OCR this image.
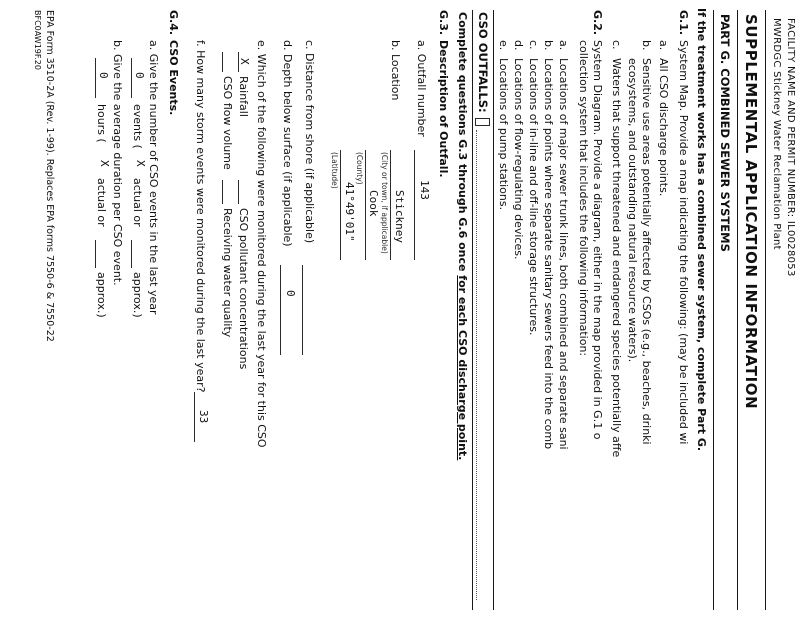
FACILITY NAME AND PERMIT NUMBER: IL0028053
MWRDGC Stickney Water Reclamation Plant
SUPPLEMENTAL APPLICATION INFORMATION
PART G. COMBINED SEWER SYSTEMS
If the treatment works has a combined sewer system, complete Part G.
G.1.
System Map. Provide a map indicating the following: (may be included wi
a.
All CSO discharge points.
b.
Sensitive use areas potentially affected by CSOs (e.g., beaches, drinki
ecosystems, and outstanding natural resource waters).
c.
Waters that support threatened and endangered species potentially affe
G.2.
System Diagram. Provide a diagram, either in the map provided in G.1 o
collection system that includes the following information:
a.
Locations of major sewer trunk lines, both combined and separate sani
b.
Locations of points where separate sanitary sewers feed into the comb
c.
Locations of in-line and off-line storage structures.
d.
Locations of flow-regulating devices.
e.
Locations of pump stations.
CSO OUTFALLS:
Complete questions G.3 through G.6 once for each CSO discharge point.
G.3.
Description of Outfall.
a. Outfall number
143
b. Location
Stickney
(City or town, if applicable)
Cook
(County)
41°49'01"
(Latitude)
c. Distance from shore (if applicable)
d. Depth below surface (if applicable)
0
e. Which of the following were monitored during the last year for this CSO
X
Rainfall
CSO pollutant concentrations
CSO flow volume
Receiving water quality
f. How many storm events were monitored during the last year?
33
G.4.
CSO Events.
a. Give the number of CSO events in the last year
0
events (
X
actual or
approx.)
b. Give the average duration per CSO event.
0
hours (
X
actual or
approx.)
EPA Form 3510-2A (Rev. 1-99). Replaces EPA forms 7550-6 & 7550-22
BFC0AW19F.20
